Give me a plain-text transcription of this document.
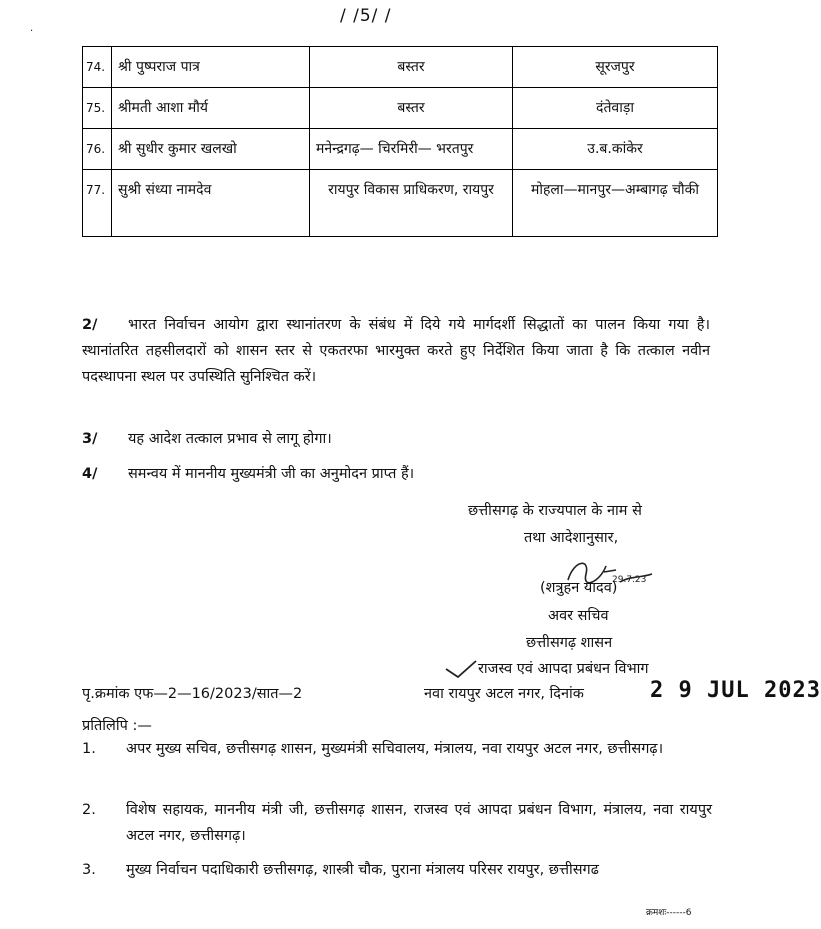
/ /5/ /
·
74.	श्री पुष्पराज पात्र	बस्तर	सूरजपुर
75.	श्रीमती आशा मौर्य	बस्तर	दंतेवाड़ा
76.	श्री सुधीर कुमार खलखो	मनेन्द्रगढ़— चिरमिरी— भरतपुर	उ.ब.कांकेर
77.	सुश्री संध्या नामदेव	रायपुर विकास प्राधिकरण, रायपुर	मोहला—मानपुर—अम्बागढ़ चौकी
2/ भारत निर्वाचन आयोग द्वारा स्थानांतरण के संबंध में दिये गये मार्गदर्शी सिद्धातों का पालन किया गया है। स्थानांतरित तहसीलदारों को शासन स्तर से एकतरफा भारमुक्त करते हुए निर्देशित किया जाता है कि तत्काल नवीन पदस्थापना स्थल पर उपस्थिति सुनिश्चित करें।
3/ यह आदेश तत्काल प्रभाव से लागू होगा।
4/ समन्वय में माननीय मुख्यमंत्री जी का अनुमोदन प्राप्त हैं।
छत्तीसगढ़ के राज्यपाल के नाम से
तथा आदेशानुसार,
29.7.23
(शत्रुहन यादव)
अवर सचिव
छत्तीसगढ़ शासन
राजस्व एवं आपदा प्रबंधन विभाग
पृ.क्रमांक एफ—2—16/2023/सात—2	नवा रायपुर अटल नगर, दिनांक	2 9 JUL 2023
प्रतिलिपि :—
1. अपर मुख्य सचिव, छत्तीसगढ़ शासन, मुख्यमंत्री सचिवालय, मंत्रालय, नवा रायपुर अटल नगर, छत्तीसगढ़।
2. विशेष सहायक, माननीय मंत्री जी, छत्तीसगढ़ शासन, राजस्व एवं आपदा प्रबंधन विभाग, मंत्रालय, नवा रायपुर अटल नगर, छत्तीसगढ़।
3. मुख्य निर्वाचन पदाधिकारी छत्तीसगढ़, शास्त्री चौक, पुराना मंत्रालय परिसर रायपुर, छत्तीसगढ
क्रमशः------6
